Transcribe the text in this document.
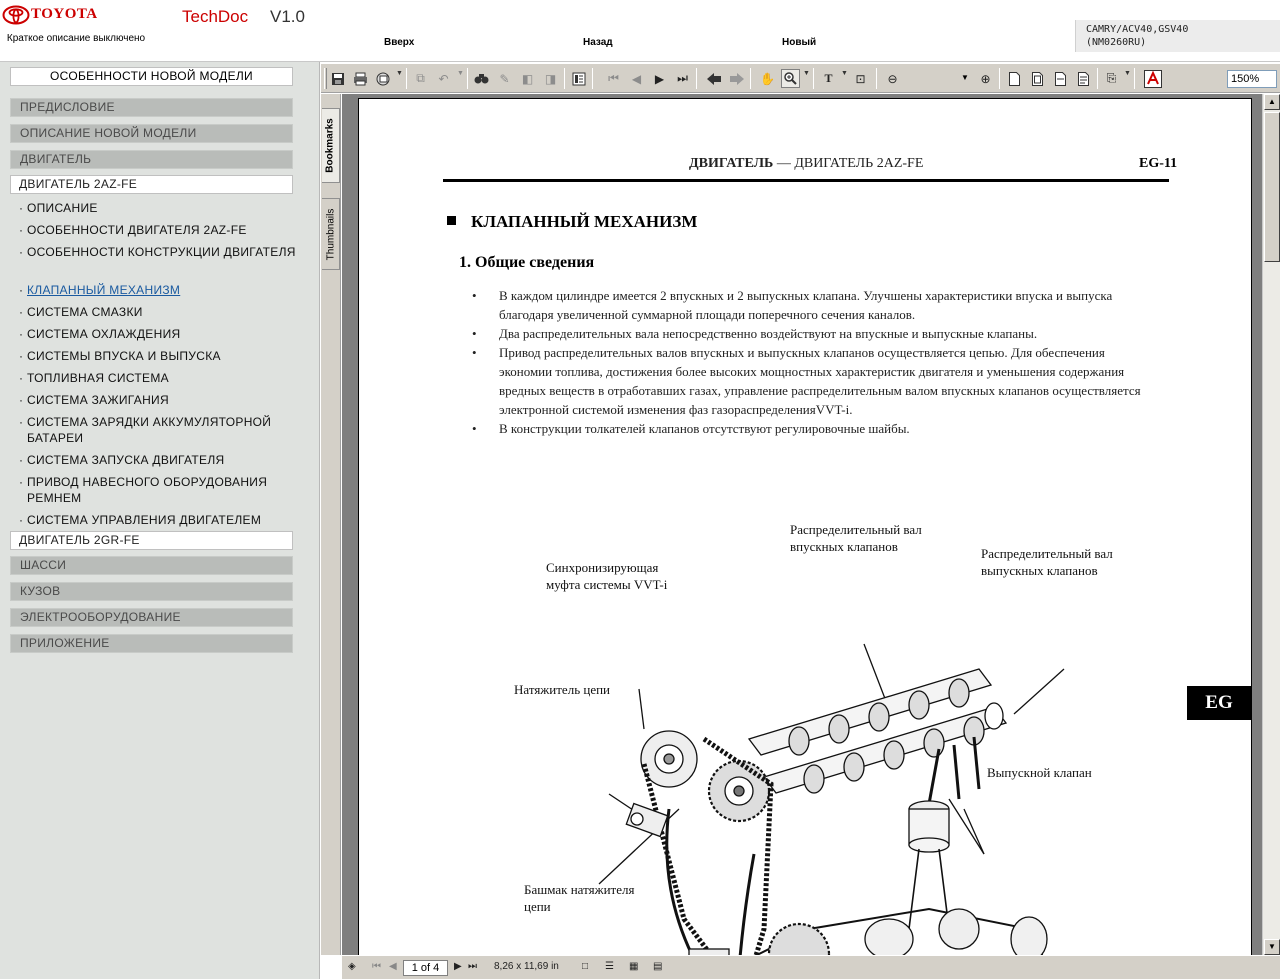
TOYOTA
Краткое описание выключено
TechDoc V1.0
Вверх	Назад	Новый
CAMRY/ACV40,GSV40
(NM0260RU)
ОСОБЕННОСТИ НОВОЙ МОДЕЛИ
ПРЕДИСЛОВИЕ
ОПИСАНИЕ НОВОЙ МОДЕЛИ
ДВИГАТЕЛЬ
ДВИГАТЕЛЬ 2AZ-FE
· ОПИСАНИЕ
· ОСОБЕННОСТИ ДВИГАТЕЛЯ 2AZ-FE
· ОСОБЕННОСТИ КОНСТРУКЦИИ ДВИГАТЕЛЯ
· КЛАПАННЫЙ МЕХАНИЗМ
· СИСТЕМА СМАЗКИ
· СИСТЕМА ОХЛАЖДЕНИЯ
· СИСТЕМЫ ВПУСКА И ВЫПУСКА
· ТОПЛИВНАЯ СИСТЕМА
· СИСТЕМА ЗАЖИГАНИЯ
· СИСТЕМА ЗАРЯДКИ АККУМУЛЯТОРНОЙ БАТАРЕИ
· СИСТЕМА ЗАПУСКА ДВИГАТЕЛЯ
· ПРИВОД НАВЕСНОГО ОБОРУДОВАНИЯ РЕМНЕМ
· СИСТЕМА УПРАВЛЕНИЯ ДВИГАТЕЛЕМ
ДВИГАТЕЛЬ 2GR-FE
ШАССИ
КУЗОВ
ЭЛЕКТРООБОРУДОВАНИЕ
ПРИЛОЖЕНИЕ
▼	⧉	↶	▼	✎	◧ ◨	⏮	◀	▶	⏭	✋	▼	T	▼ ⊡	⊖
150%	▼ ⊕	⎘	▼
Bookmarks
Thumbnails
ДВИГАТЕЛЬ — ДВИГАТЕЛЬ 2AZ-FE	EG-11
КЛАПАННЫЙ МЕХАНИЗМ
1. Общие сведения
• В каждом цилиндре имеется 2 впускных и 2 выпускных клапана. Улучшены характеристики впуска и выпуска благодаря увеличенной суммарной площади поперечного сечения каналов.
• Два распределительных вала непосредственно воздействуют на впускные и выпускные клапаны.
• Привод распределительных валов впускных и выпускных клапанов осуществляется цепью. Для обеспечения экономии топлива, достижения более высоких мощностных характеристик двигателя и уменьшения содержания вредных веществ в отработавших газах, управление распределительным валом впускных клапанов осуществляется электронной системой изменения фаз газораспределенияVVT-i.
• В конструкции толкателей клапанов отсутствуют регулировочные шайбы.
Распределительный вал
впускных клапанов	Распределительный вал
выпускных клапанов
Синхронизирующая
муфта системы VVT-i
Натяжитель цепи
Выпускной клапан
Башмак натяжителя
цепи
EG
▲
▼
◈ ⏮ ◀	1 of 4	▶ ⏭ 8,26 x 11,69 in □ ☰ ▦ ▤
